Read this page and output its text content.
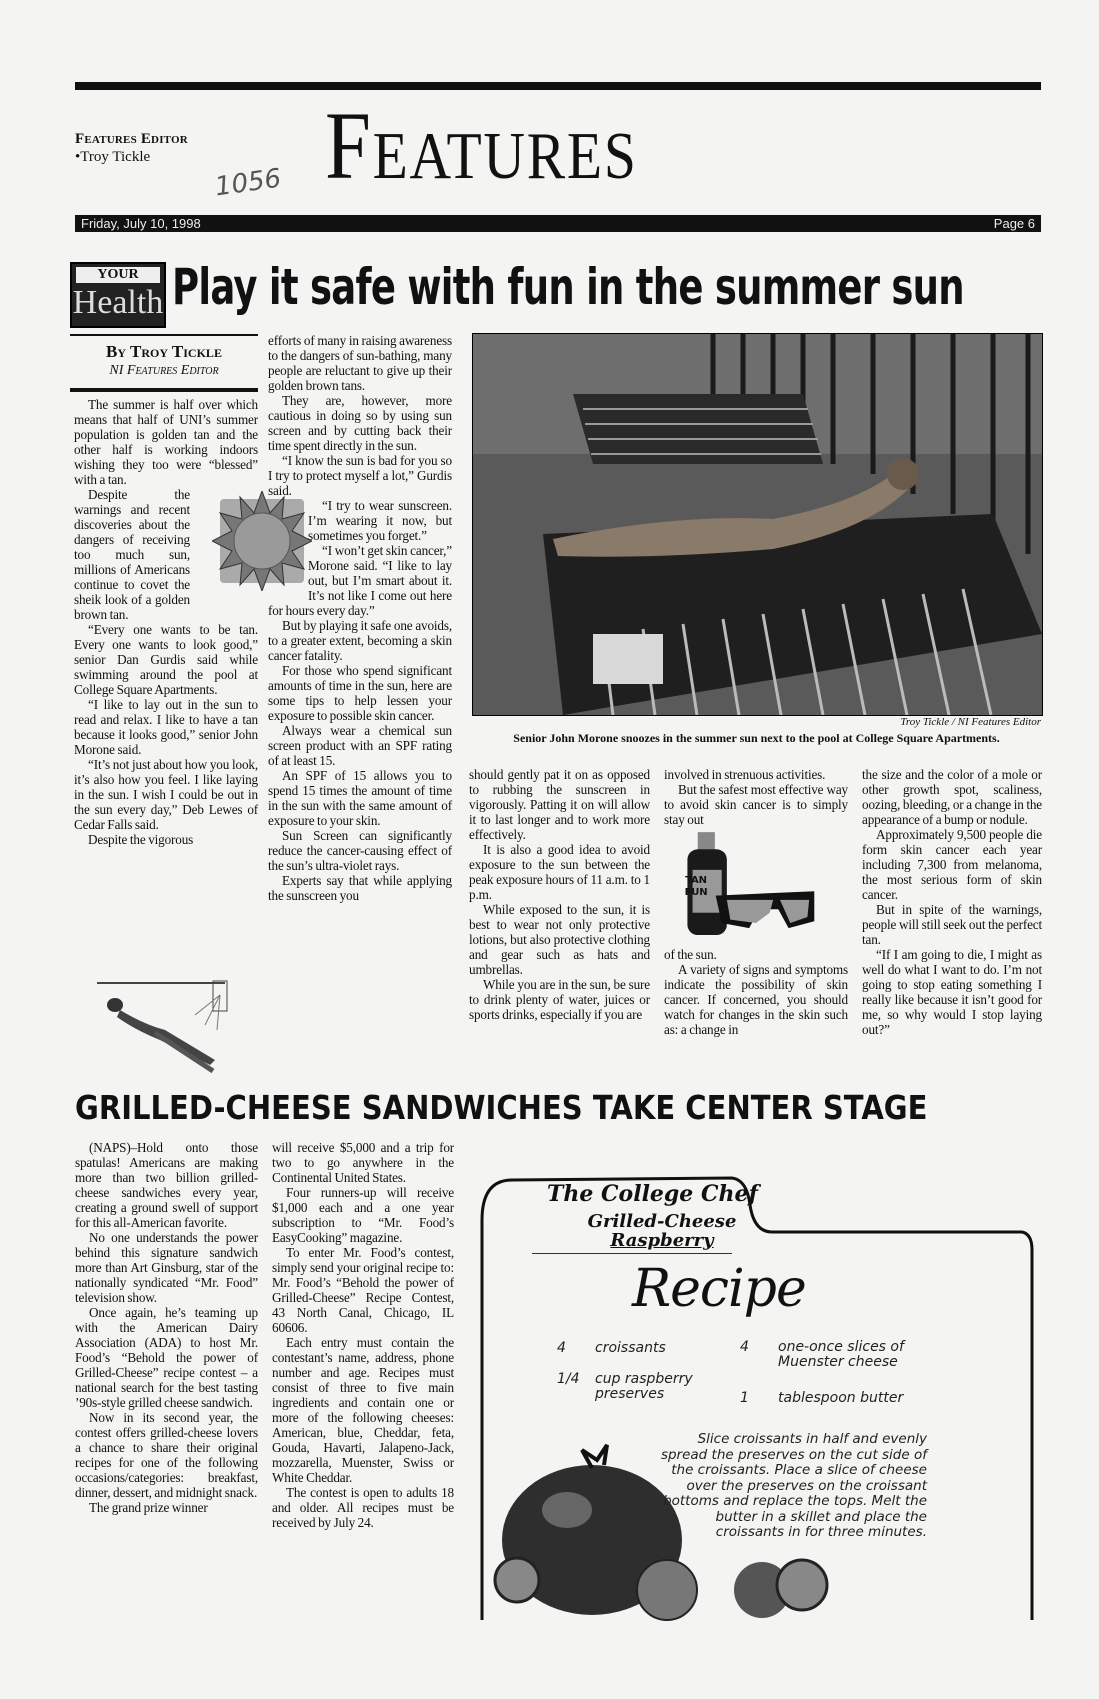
Features Editor
•Troy Tickle	Features
1056
Friday, July 10, 1998	Page 6
YOUR
Health Play it safe with fun in the summer sun
By Troy Tickle
NI Features Editor

The summer is half over which means that half of UNI’s summer population is golden tan and the other half is working indoors wishing they too were “blessed” with a tan.

Despite the warnings and recent discoveries about the dangers of receiving too much sun, millions of Americans continue to covet the sheik look of a golden brown tan.

“Every one wants to be tan. Every one wants to look good,” senior Dan Gurdis said while swimming around the pool at College Square Apartments.

“I like to lay out in the sun to read and relax. I like to have a tan because it looks good,” senior John Morone said.

“It’s not just about how you look, it’s also how you feel. I like laying in the sun. I wish I could be out in the sun every day,” Deb Lewes of Cedar Falls said.

Despite the vigorous

efforts of many in raising awareness to the dangers of sun-bathing, many people are reluctant to give up their golden brown tans.

They are, however, more cautious in doing so by using sun screen and by cutting back their time spent directly in the sun.

“I know the sun is bad for you so I try to protect myself a lot,” Gurdis said.

“I try to wear sunscreen. I’m wearing it now, but sometimes you forget.”

“I won’t get skin cancer,” Morone said. “I like to lay out, but I’m smart about it. It’s not like I come out here for hours every day.”

But by playing it safe one avoids, to a greater extent, becoming a skin cancer fatality.

For those who spend significant amounts of time in the sun, here are some tips to help lessen your exposure to possible skin cancer.

Always wear a chemical sun screen product with an SPF rating of at least 15.

An SPF of 15 allows you to spend 15 times the amount of time in the sun with the same amount of exposure to your skin.

Sun Screen can significantly reduce the cancer-causing effect of the sun’s ultra-violet rays.

Experts say that while applying the sunscreen you

Troy Tickle / NI Features Editor
Senior John Morone snoozes in the summer sun next to the pool at College Square Apartments.

should gently pat it on as opposed to rubbing the sunscreen in vigorously. Patting it on will allow it to last longer and to work more effectively.

It is also a good idea to avoid exposure to the sun between the peak exposure hours of 11 a.m. to 1 p.m.

While exposed to the sun, it is best to wear not only protective lotions, but also protective clothing and gear such as hats and umbrellas.

While you are in the sun, be sure to drink plenty of water, juices or sports drinks, especially if you are

involved in strenuous activities.

But the safest most effective way to avoid skin cancer is to simply stay out

TAN FUN

of the sun.

A variety of signs and symptoms indicate the possibility of skin cancer. If concerned, you should watch for changes in the skin such as: a change in

the size and the color of a mole or other growth spot, scaliness, oozing, bleeding, or a change in the appearance of a bump or nodule.

Approximately 9,500 people die form skin cancer each year including 7,300 from melanoma, the most serious form of skin cancer.

But in spite of the warnings, people will still seek out the perfect tan.

“If I am going to die, I might as well do what I want to do. I’m not going to stop eating something I really like because it isn’t good for me, so why would I stop laying out?”

GRILLED-CHEESE SANDWICHES TAKE CENTER STAGE

(NAPS)–Hold onto those spatulas! Americans are making more than two billion grilled-cheese sandwiches every year, creating a ground swell of support for this all-American favorite.

No one understands the power behind this signature sandwich more than Art Ginsburg, star of the nationally syndicated “Mr. Food” television show.

Once again, he’s teaming up with the American Dairy Association (ADA) to host Mr. Food’s “Behold the power of Grilled-Cheese” recipe contest – a national search for the best tasting ’90s-style grilled cheese sandwich.

Now in its second year, the contest offers grilled-cheese lovers a chance to share their original recipes for one of the following occasions/categories: breakfast, dinner, dessert, and midnight snack.

The grand prize winner

will receive $5,000 and a trip for two to go anywhere in the Continental United States.

Four runners-up will receive $1,000 each and a one year subscription to “Mr. Food’s EasyCooking” magazine.

To enter Mr. Food’s contest, simply send your original recipe to: Mr. Food’s “Behold the power of Grilled-Cheese” Recipe Contest, 43 North Canal, Chicago, IL 60606.

Each entry must contain the contestant’s name, address, phone number and age. Recipes must consist of three to five main ingredients and contain one or more of the following cheeses: American, blue, Cheddar, feta, Gouda, Havarti, Jalapeno-Jack, mozzarella, Muenster, Swiss or White Cheddar.

The contest is open to adults 18 and older. All recipes must be received by July 24.

The College Chef
Grilled-Cheese
Raspberry
Recipe
4 croissants
1/4	cup raspberry preserves
4	one-once slices of Muenster cheese
1 tablespoon butter
Slice croissants in half and evenly spread the preserves on the cut side of the croissants. Place a slice of cheese over the preserves on the croissant bottoms and replace the tops. Melt the butter in a skillet and place the croissants in for three minutes.
